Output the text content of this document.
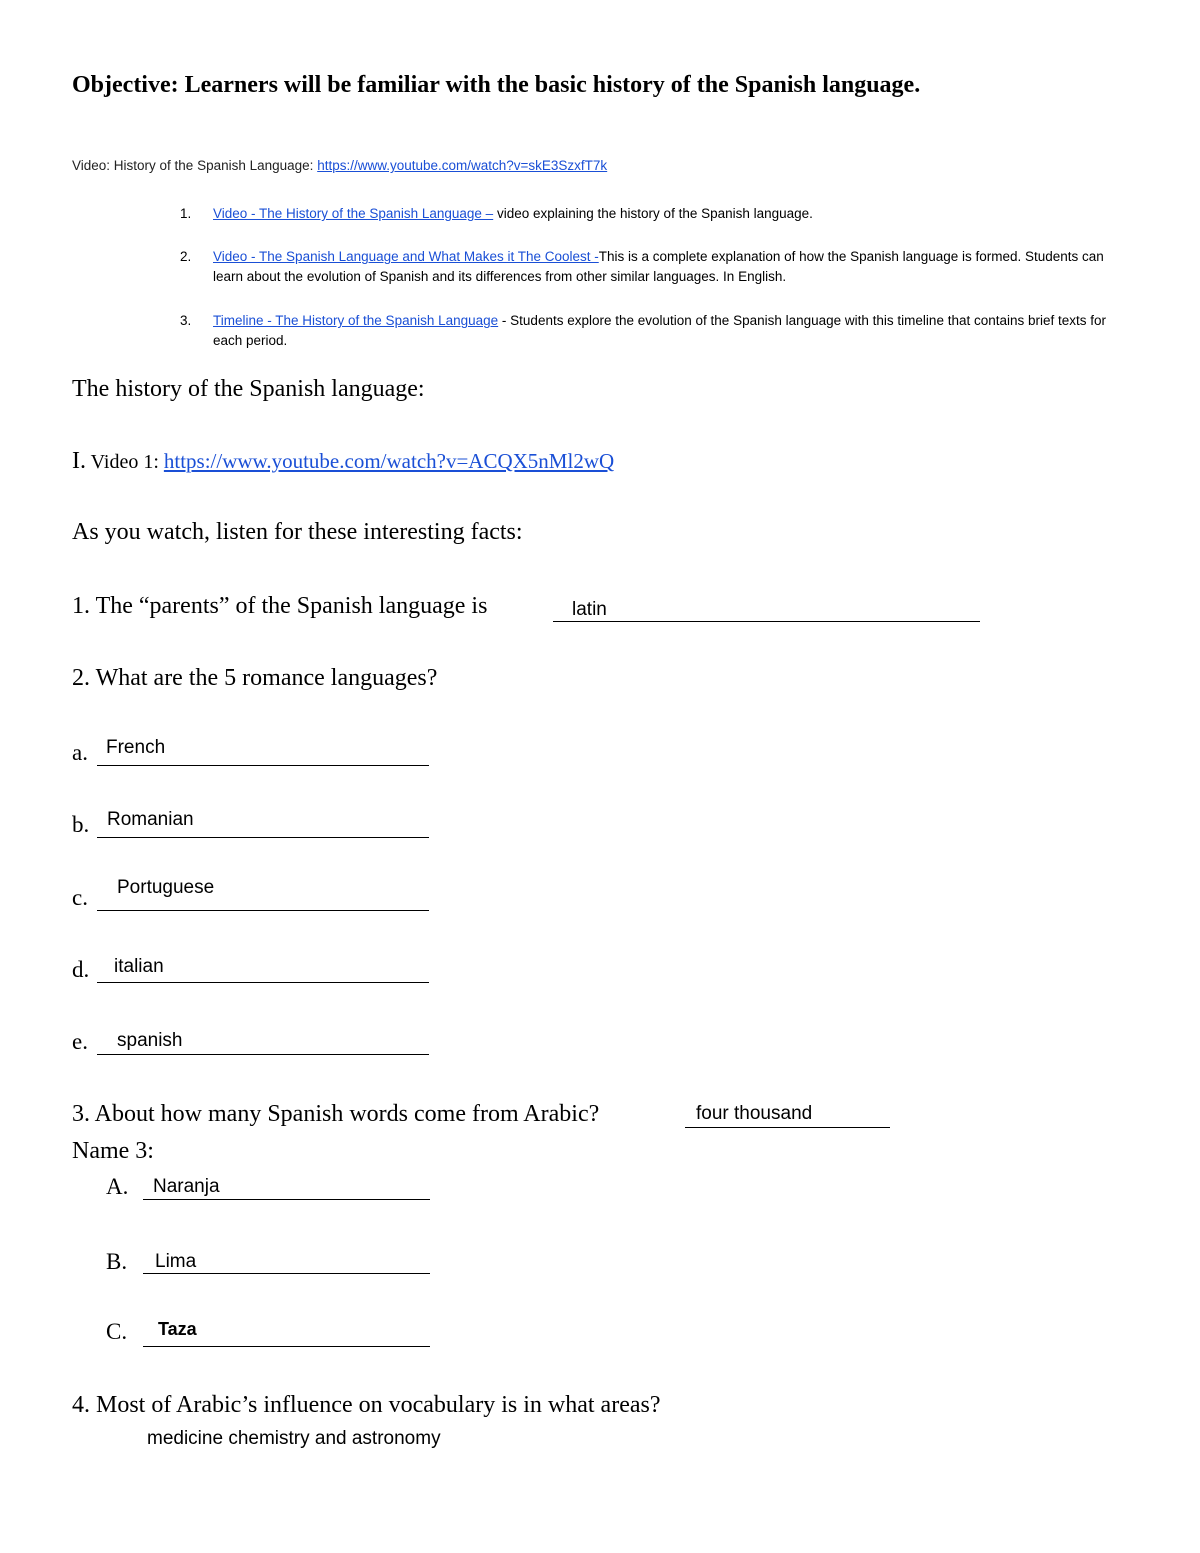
Objective: Learners will be familiar with the basic history of the Spanish language.
Video: History of the Spanish Language: https://www.youtube.com/watch?v=skE3SzxfT7k
1. Video - The History of the Spanish Language – video explaining the history of the Spanish language.
2. Video - The Spanish Language and What Makes it The Coolest -This is a complete explanation of how the Spanish language is formed. Students can learn about the evolution of Spanish and its differences from other similar languages. In English.
3. Timeline - The History of the Spanish Language - Students explore the evolution of the Spanish language with this timeline that contains brief texts for each period.
The history of the Spanish language:
I. Video 1: https://www.youtube.com/watch?v=ACQX5nMl2wQ
As you watch, listen for these interesting facts:
1. The “parents” of the Spanish language is	latin
2. What are the 5 romance languages?
a. French
b. Romanian
c. Portuguese
d. italian
e. spanish
3. About how many Spanish words come from Arabic?	four thousand
Name 3:
A. Naranja
B. Lima
C. Taza
4. Most of Arabic’s influence on vocabulary is in what areas?
medicine chemistry and astronomy
